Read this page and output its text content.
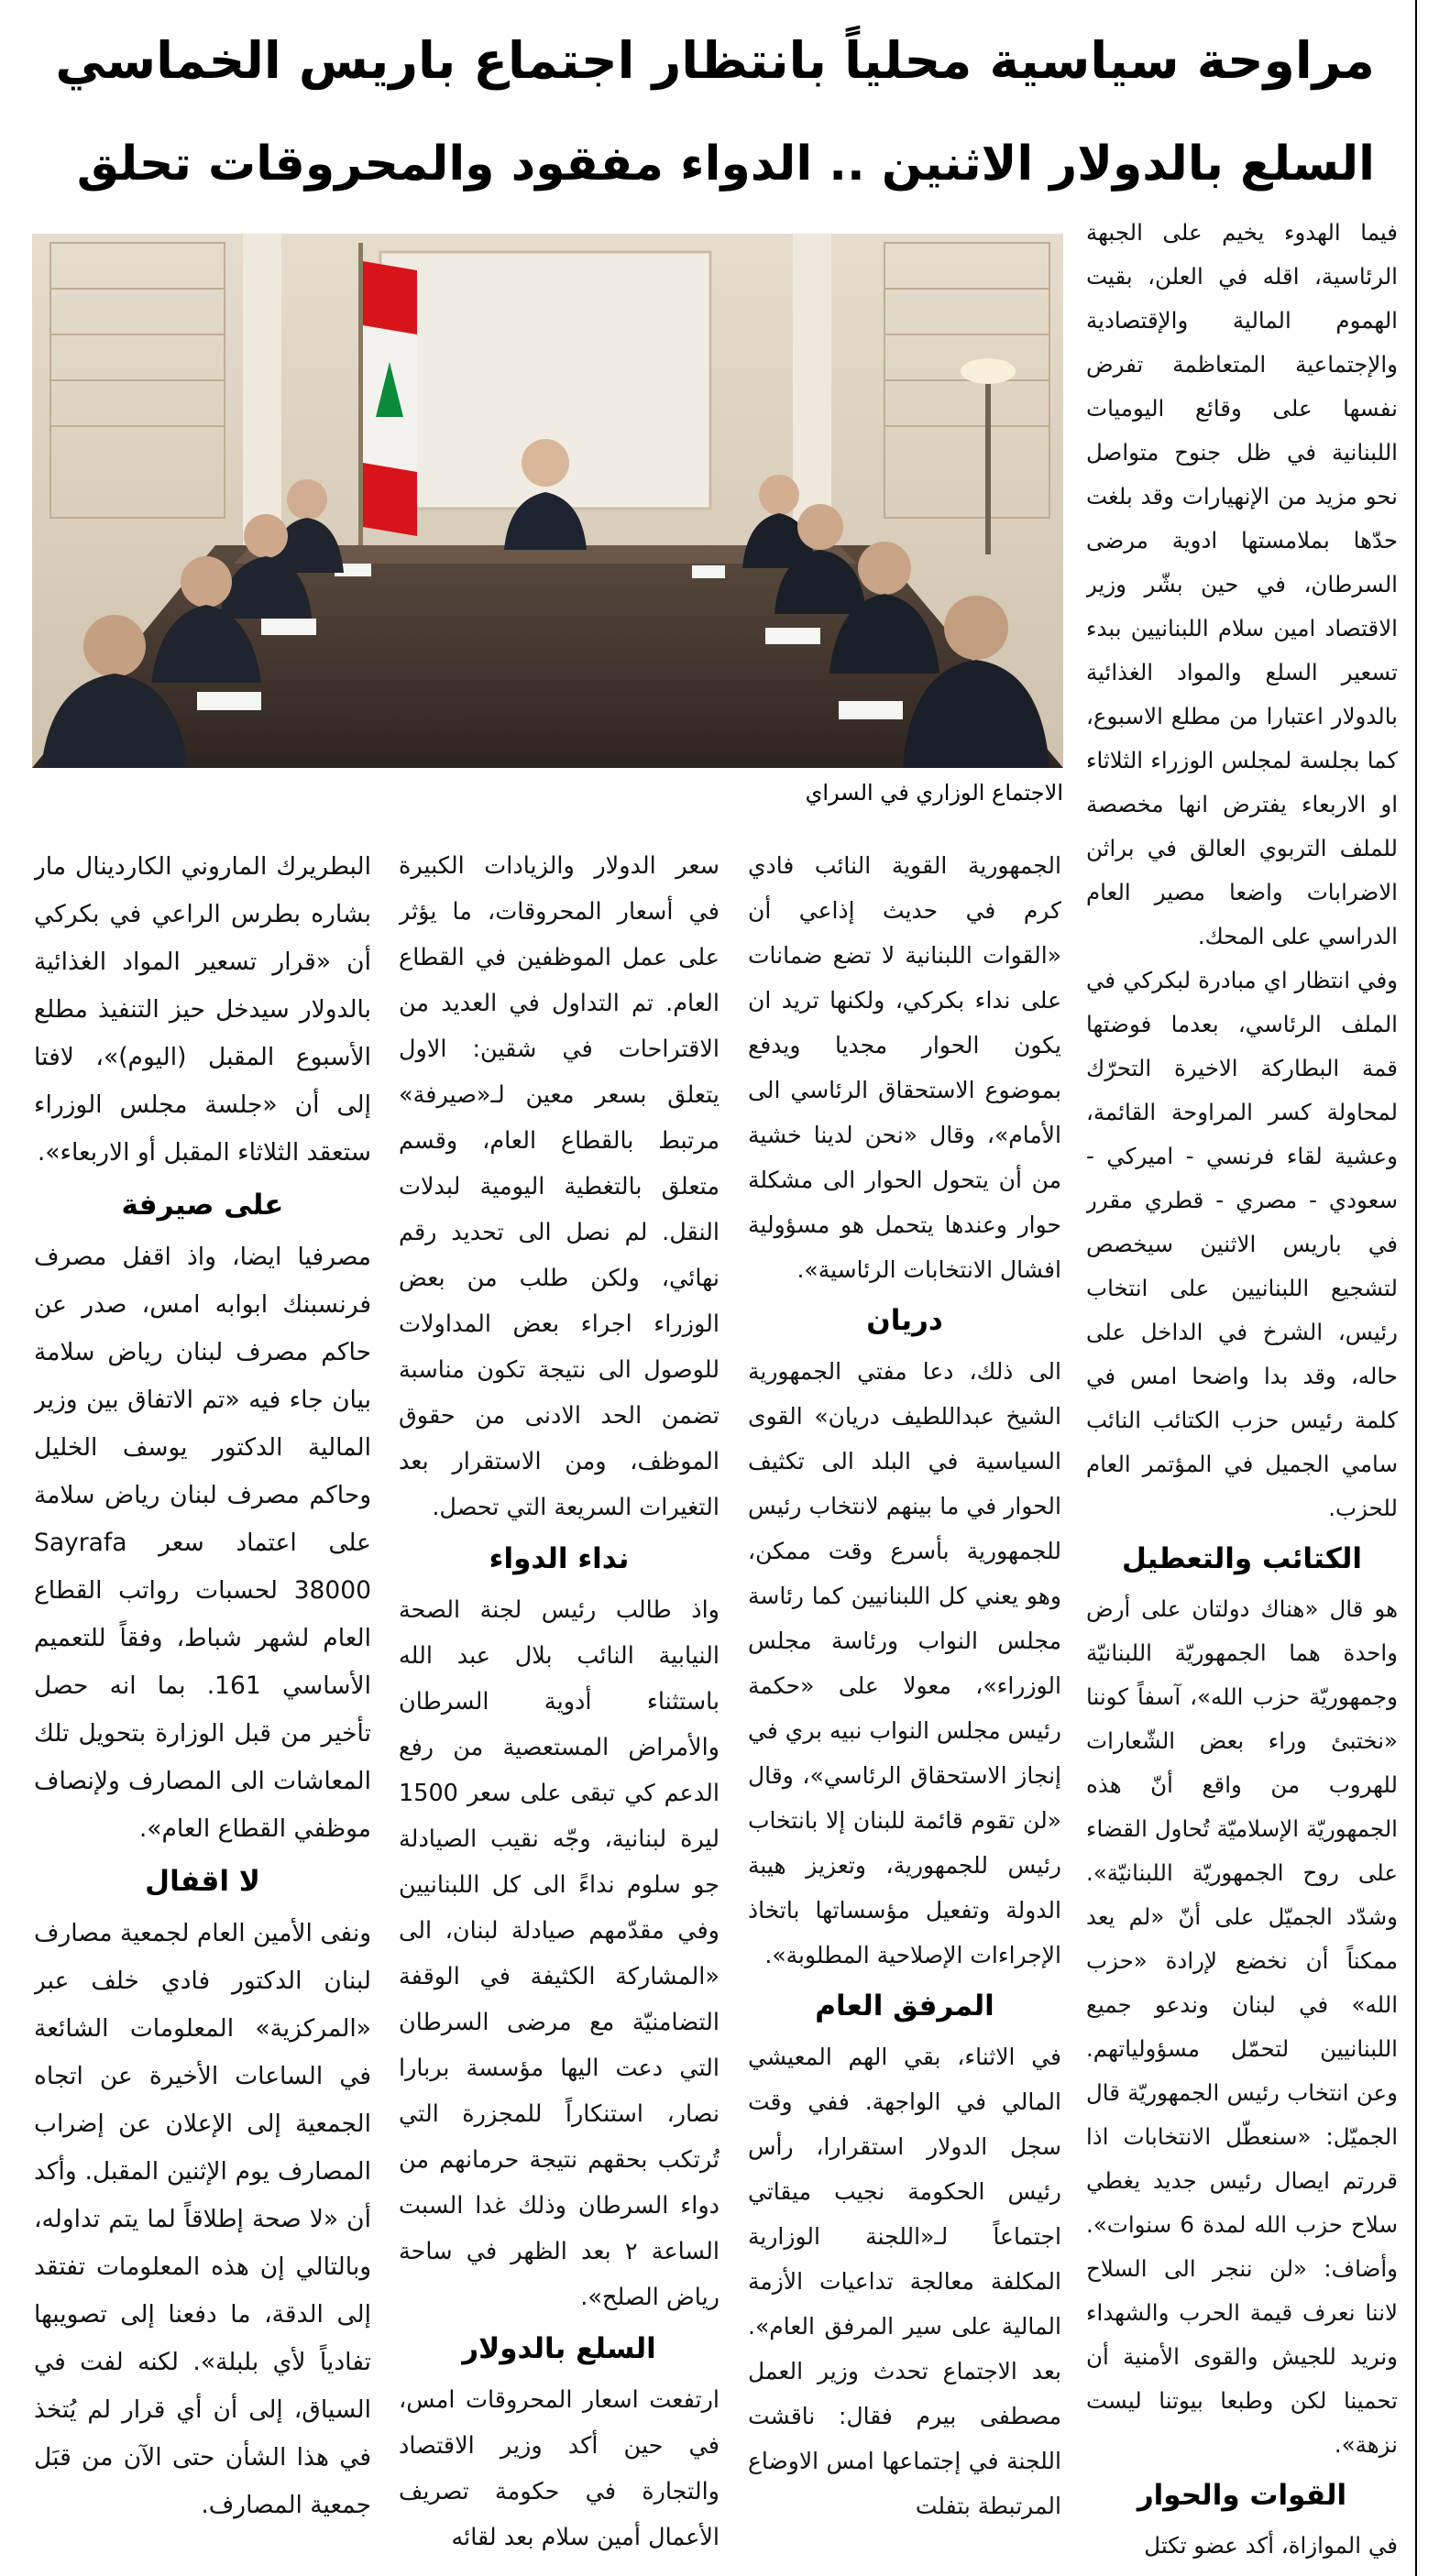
مراوحة سياسية محلياً بانتظار اجتماع باريس الخماسي
السلع بالدولار الاثنين .. الدواء مفقود والمحروقات تحلق
الاجتماع الوزاري في السراي

فيما الهدوء يخيم على الجبهة الرئاسية، اقله في العلن، بقيت الهموم المالية والإقتصادية والإجتماعية المتعاظمة تفرض نفسها على وقائع اليوميات اللبنانية في ظل جنوح متواصل نحو مزيد من الإنهيارات وقد بلغت حدّها بملامستها ادوية مرضى السرطان، في حين بشّر وزير الاقتصاد امين سلام اللبنانيين ببدء تسعير السلع والمواد الغذائية بالدولار اعتبارا من مطلع الاسبوع، كما بجلسة لمجلس الوزراء الثلاثاء او الاربعاء يفترض انها مخصصة للملف التربوي العالق في براثن الاضرابات واضعا مصير العام الدراسي على المحك.

وفي انتظار اي مبادرة لبكركي في الملف الرئاسي، بعدما فوضتها قمة البطاركة الاخيرة التحرّك لمحاولة كسر المراوحة القائمة، وعشية لقاء فرنسي - اميركي - سعودي - مصري - قطري مقرر في باريس الاثنين سيخصص لتشجيع اللبنانيين على انتخاب رئيس، الشرخ في الداخل على حاله، وقد بدا واضحا امس في كلمة رئيس حزب الكتائب النائب سامي الجميل في المؤتمر العام للحزب.

الكتائب والتعطيل

هو قال «هناك دولتان على أرض واحدة هما الجمهوريّة اللبنانيّة وجمهوريّة حزب الله»، آسفاً كوننا «نختبئ وراء بعض الشّعارات للهروب من واقع أنّ هذه الجمهوريّة الإسلاميّة تُحاول القضاء على روح الجمهوريّة اللبنانيّة». وشدّد الجميّل على أنّ «لم يعد ممكناً أن نخضع لإرادة «حزب الله» في لبنان وندعو جميع اللبنانيين لتحمّل مسؤولياتهم. وعن انتخاب رئيس الجمهوريّة قال الجميّل: «سنعطّل الانتخابات اذا قررتم ايصال رئيس جديد يغطي سلاح حزب الله لمدة 6 سنوات». وأضاف: «لن ننجر الى السلاح لاننا نعرف قيمة الحرب والشهداء ونريد للجيش والقوى الأمنية أن تحمينا لكن وطبعا بيوتنا ليست نزهة».

القوات والحوار

في الموازاة، أكد عضو تكتل

الجمهورية القوية النائب فادي كرم في حديث إذاعي أن «القوات اللبنانية لا تضع ضمانات على نداء بكركي، ولكنها تريد ان يكون الحوار مجديا ويدفع بموضوع الاستحقاق الرئاسي الى الأمام»، وقال «نحن لدينا خشية من أن يتحول الحوار الى مشكلة حوار وعندها يتحمل هو مسؤولية افشال الانتخابات الرئاسية».

دريان

الى ذلك، دعا مفتي الجمهورية الشيخ عبداللطيف دريان» القوى السياسية في البلد الى تكثيف الحوار في ما بينهم لانتخاب رئيس للجمهورية بأسرع وقت ممكن، وهو يعني كل اللبنانيين كما رئاسة مجلس النواب ورئاسة مجلس الوزراء»، معولا على «حكمة رئيس مجلس النواب نبيه بري في إنجاز الاستحقاق الرئاسي»، وقال «لن تقوم قائمة للبنان إلا بانتخاب رئيس للجمهورية، وتعزيز هيبة الدولة وتفعيل مؤسساتها باتخاذ الإجراءات الإصلاحية المطلوبة».

المرفق العام

في الاثناء، بقي الهم المعيشي المالي في الواجهة. ففي وقت سجل الدولار استقرارا، رأس رئيس الحكومة نجيب ميقاتي اجتماعاً لـ«اللجنة الوزارية المكلفة معالجة تداعيات الأزمة المالية على سير المرفق العام». بعد الاجتماع تحدث وزير العمل مصطفى بيرم فقال: ناقشت اللجنة في إجتماعها امس الاوضاع المرتبطة بتفلت

سعر الدولار والزيادات الكبيرة في أسعار المحروقات، ما يؤثر على عمل الموظفين في القطاع العام. تم التداول في العديد من الاقتراحات في شقين: الاول يتعلق بسعر معين لـ«صيرفة» مرتبط بالقطاع العام، وقسم متعلق بالتغطية اليومية لبدلات النقل. لم نصل الى تحديد رقم نهائي، ولكن طلب من بعض الوزراء اجراء بعض المداولات للوصول الى نتيجة تكون مناسبة تضمن الحد الادنى من حقوق الموظف، ومن الاستقرار بعد التغيرات السريعة التي تحصل.

نداء الدواء

واذ طالب رئيس لجنة الصحة النيابية النائب بلال عبد الله باستثناء أدوية السرطان والأمراض المستعصية من رفع الدعم كي تبقى على سعر 1500 ليرة لبنانية، وجّه نقيب الصيادلة جو سلوم نداءً الى كل اللبنانيين وفي مقدّمهم صيادلة لبنان، الى «المشاركة الكثيفة في الوقفة التضامنيّة مع مرضى السرطان التي دعت اليها مؤسسة بربارا نصار، استنكاراً للمجزرة التي تُرتكب بحقهم نتيجة حرمانهم من دواء السرطان وذلك غدا السبت الساعة ٢ بعد الظهر في ساحة رياض الصلح».

السلع بالدولار

ارتفعت اسعار المحروقات امس، في حين أكد وزير الاقتصاد والتجارة في حكومة تصريف الأعمال أمين سلام بعد لقائه

البطريرك الماروني الكاردينال مار بشاره بطرس الراعي في بكركي أن «قرار تسعير المواد الغذائية بالدولار سيدخل حيز التنفيذ مطلع الأسبوع المقبل (اليوم)»، لافتا إلى أن «جلسة مجلس الوزراء ستعقد الثلاثاء المقبل أو الاربعاء».

على صيرفة

مصرفيا ايضا، واذ اقفل مصرف فرنسبنك ابوابه امس، صدر عن حاكم مصرف لبنان رياض سلامة بيان جاء فيه «تم الاتفاق بين وزير المالية الدكتور يوسف الخليل وحاكم مصرف لبنان رياض سلامة على اعتماد سعر Sayrafa 38000 لحسبات رواتب القطاع العام لشهر شباط، وفقاً للتعميم الأساسي 161. بما انه حصل تأخير من قبل الوزارة بتحويل تلك المعاشات الى المصارف ولإنصاف موظفي القطاع العام».

لا اقفال

ونفى الأمين العام لجمعية مصارف لبنان الدكتور فادي خلف عبر «المركزية» المعلومات الشائعة في الساعات الأخيرة عن اتجاه الجمعية إلى الإعلان عن إضراب المصارف يوم الإثنين المقبل. وأكد أن «لا صحة إطلاقاً لما يتم تداوله، وبالتالي إن هذه المعلومات تفتقد إلى الدقة، ما دفعنا إلى تصويبها تفادياً لأي بلبلة». لكنه لفت في السياق، إلى أن أي قرار لم يُتخذ في هذا الشأن حتى الآن من قبَل جمعية المصارف.
